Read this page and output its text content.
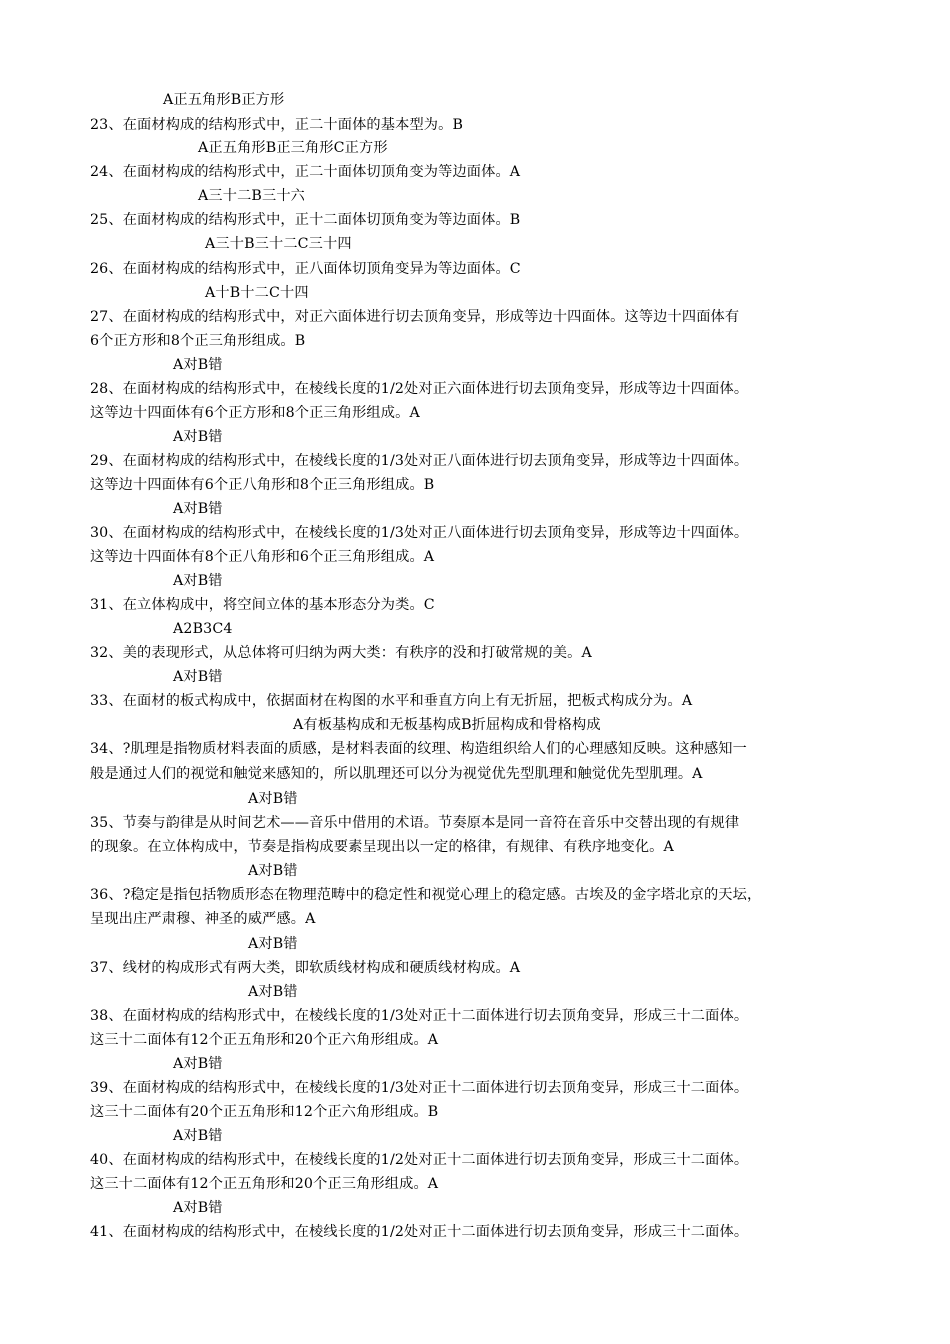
A正五角形B正方形
23、在面材构成的结构形式中，正二十面体的基本型为。B
A正五角形B正三角形C正方形
24、在面材构成的结构形式中，正二十面体切顶角变为等边面体。A
A三十二B三十六
25、在面材构成的结构形式中，正十二面体切顶角变为等边面体。B
A三十B三十二C三十四
26、在面材构成的结构形式中，正八面体切顶角变异为等边面体。C
A十B十二C十四
27、在面材构成的结构形式中，对正六面体进行切去顶角变异，形成等边十四面体。这等边十四面体有
6个正方形和8个正三角形组成。B
A对B错
28、在面材构成的结构形式中，在棱线长度的1/2处对正六面体进行切去顶角变异，形成等边十四面体。
这等边十四面体有6个正方形和8个正三角形组成。A
A对B错
29、在面材构成的结构形式中，在棱线长度的1/3处对正八面体进行切去顶角变异，形成等边十四面体。
这等边十四面体有6个正八角形和8个正三角形组成。B
A对B错
30、在面材构成的结构形式中，在棱线长度的1/3处对正八面体进行切去顶角变异，形成等边十四面体。
这等边十四面体有8个正八角形和6个正三角形组成。A
A对B错
31、在立体构成中，将空间立体的基本形态分为类。C
A2B3C4
32、美的表现形式，从总体将可归纳为两大类：有秩序的没和打破常规的美。A
A对B错
33、在面材的板式构成中，依据面材在构图的水平和垂直方向上有无折屈，把板式构成分为。A
A有板基构成和无板基构成B折屈构成和骨格构成
34、?肌理是指物质材料表面的质感，是材料表面的纹理、构造组织给人们的心理感知反映。这种感知一
般是通过人们的视觉和触觉来感知的，所以肌理还可以分为视觉优先型肌理和触觉优先型肌理。A
A对B错
35、节奏与韵律是从时间艺术——音乐中借用的术语。节奏原本是同一音符在音乐中交替出现的有规律
的现象。在立体构成中，节奏是指构成要素呈现出以一定的格律，有规律、有秩序地变化。A
A对B错
36、?稳定是指包括物质形态在物理范畴中的稳定性和视觉心理上的稳定感。古埃及的金字塔北京的天坛，
呈现出庄严肃穆、神圣的威严感。A
A对B错
37、线材的构成形式有两大类，即软质线材构成和硬质线材构成。A
A对B错
38、在面材构成的结构形式中，在棱线长度的1/3处对正十二面体进行切去顶角变异，形成三十二面体。
这三十二面体有12个正五角形和20个正六角形组成。A
A对B错
39、在面材构成的结构形式中，在棱线长度的1/3处对正十二面体进行切去顶角变异，形成三十二面体。
这三十二面体有20个正五角形和12个正六角形组成。B
A对B错
40、在面材构成的结构形式中，在棱线长度的1/2处对正十二面体进行切去顶角变异，形成三十二面体。
这三十二面体有12个正五角形和20个正三角形组成。A
A对B错
41、在面材构成的结构形式中，在棱线长度的1/2处对正十二面体进行切去顶角变异，形成三十二面体。
